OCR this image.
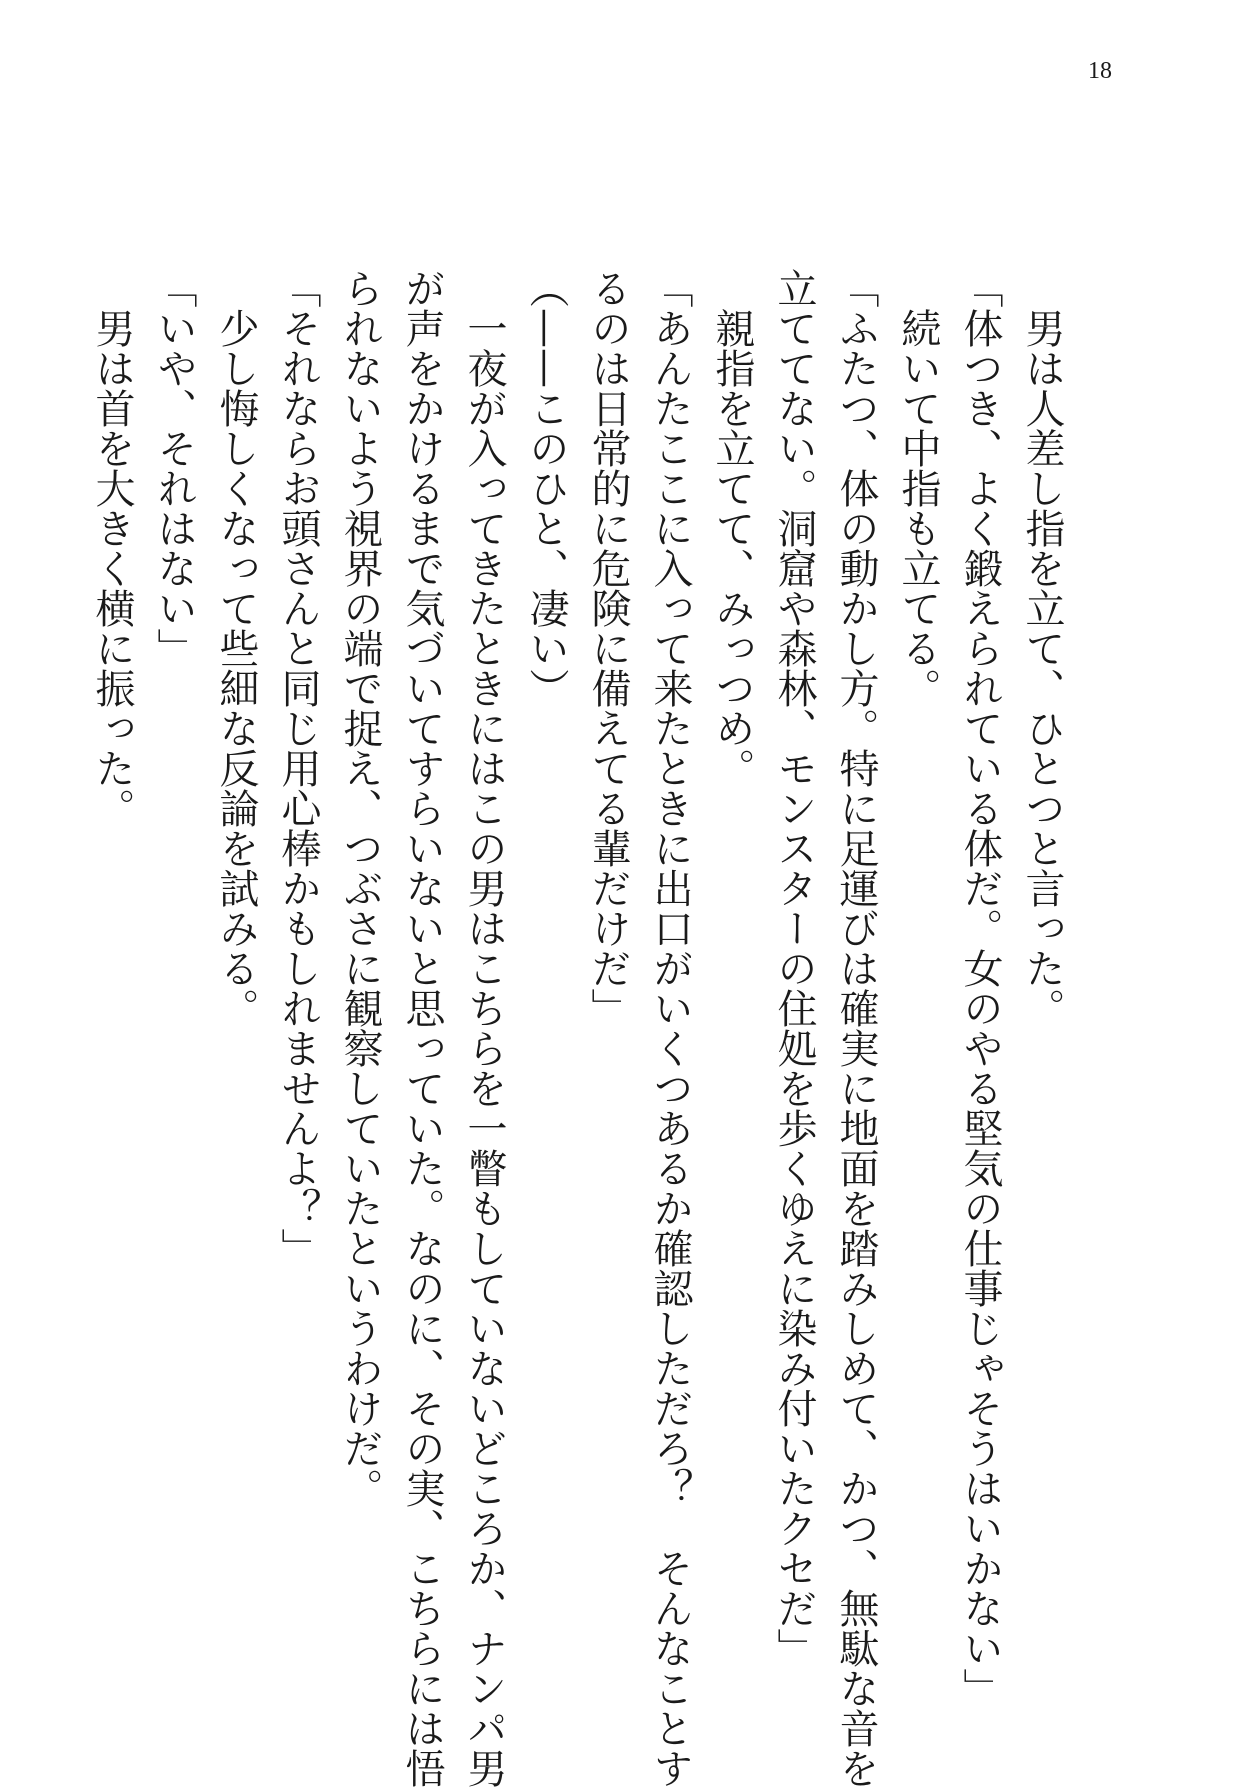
18
　男は人差し指を立て、ひとつと言った。
「体つき、よく鍛えられている体だ。女のやる堅気の仕事じゃそうはいかない」
　続いて中指も立てる。
「ふたつ、体の動かし方。特に足運びは確実に地面を踏みしめて、かつ、無駄な音を
立ててない。洞窟や森林、モンスターの住処を歩くゆえに染み付いたクセだ」
　親指を立てて、みっつめ。
「あんたここに入って来たときに出口がいくつあるか確認しただろ？　そんなことす
るのは日常的に危険に備えてる輩だけだ」
（——このひと、凄い）
　一夜が入ってきたときにはこの男はこちらを一瞥もしていないどころか、ナンパ男
が声をかけるまで気づいてすらいないと思っていた。なのに、その実、こちらには悟
られないよう視界の端で捉え、つぶさに観察していたというわけだ。
「それならお頭さんと同じ用心棒かもしれませんよ？」
　少し悔しくなって些細な反論を試みる。
「いや、それはない」
　男は首を大きく横に振った。
